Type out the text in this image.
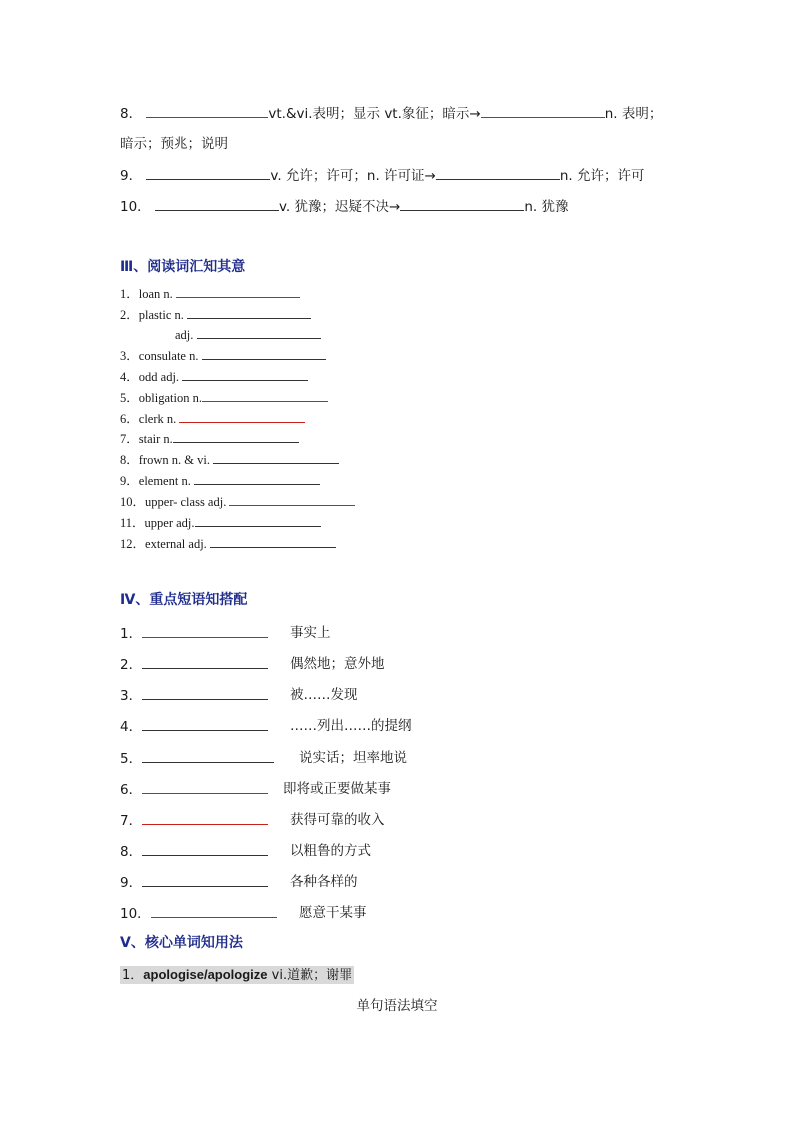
8．	vt.&vi.表明；显示 vt.象征；暗示→	n. 表明；
暗示；预兆；说明
9．	v. 允许；许可；n. 许可证→	n. 允许；许可
10．	v. 犹豫；迟疑不决→	n. 犹豫
Ⅲ、阅读词汇知其意
1．loan n.
2．plastic n.
adj.
3．consulate n.
4．odd adj.
5．obligation n.
6．clerk n.
7．stair n.
8．frown n. & vi.
9．element n.
10．upper- class adj.
11．upper adj.
12．external adj.
Ⅳ、重点短语知搭配
1．	事实上
2．	偶然地；意外地
3．	被……发现
4．	……列出……的提纲
5．	说实话；坦率地说
6．	即将或正要做某事
7．	获得可靠的收入
8．	以粗鲁的方式
9．	各种各样的
10．	愿意干某事
Ⅴ、核心单词知用法
1．apologise/apologize vi.道歉；谢罪
单句语法填空
